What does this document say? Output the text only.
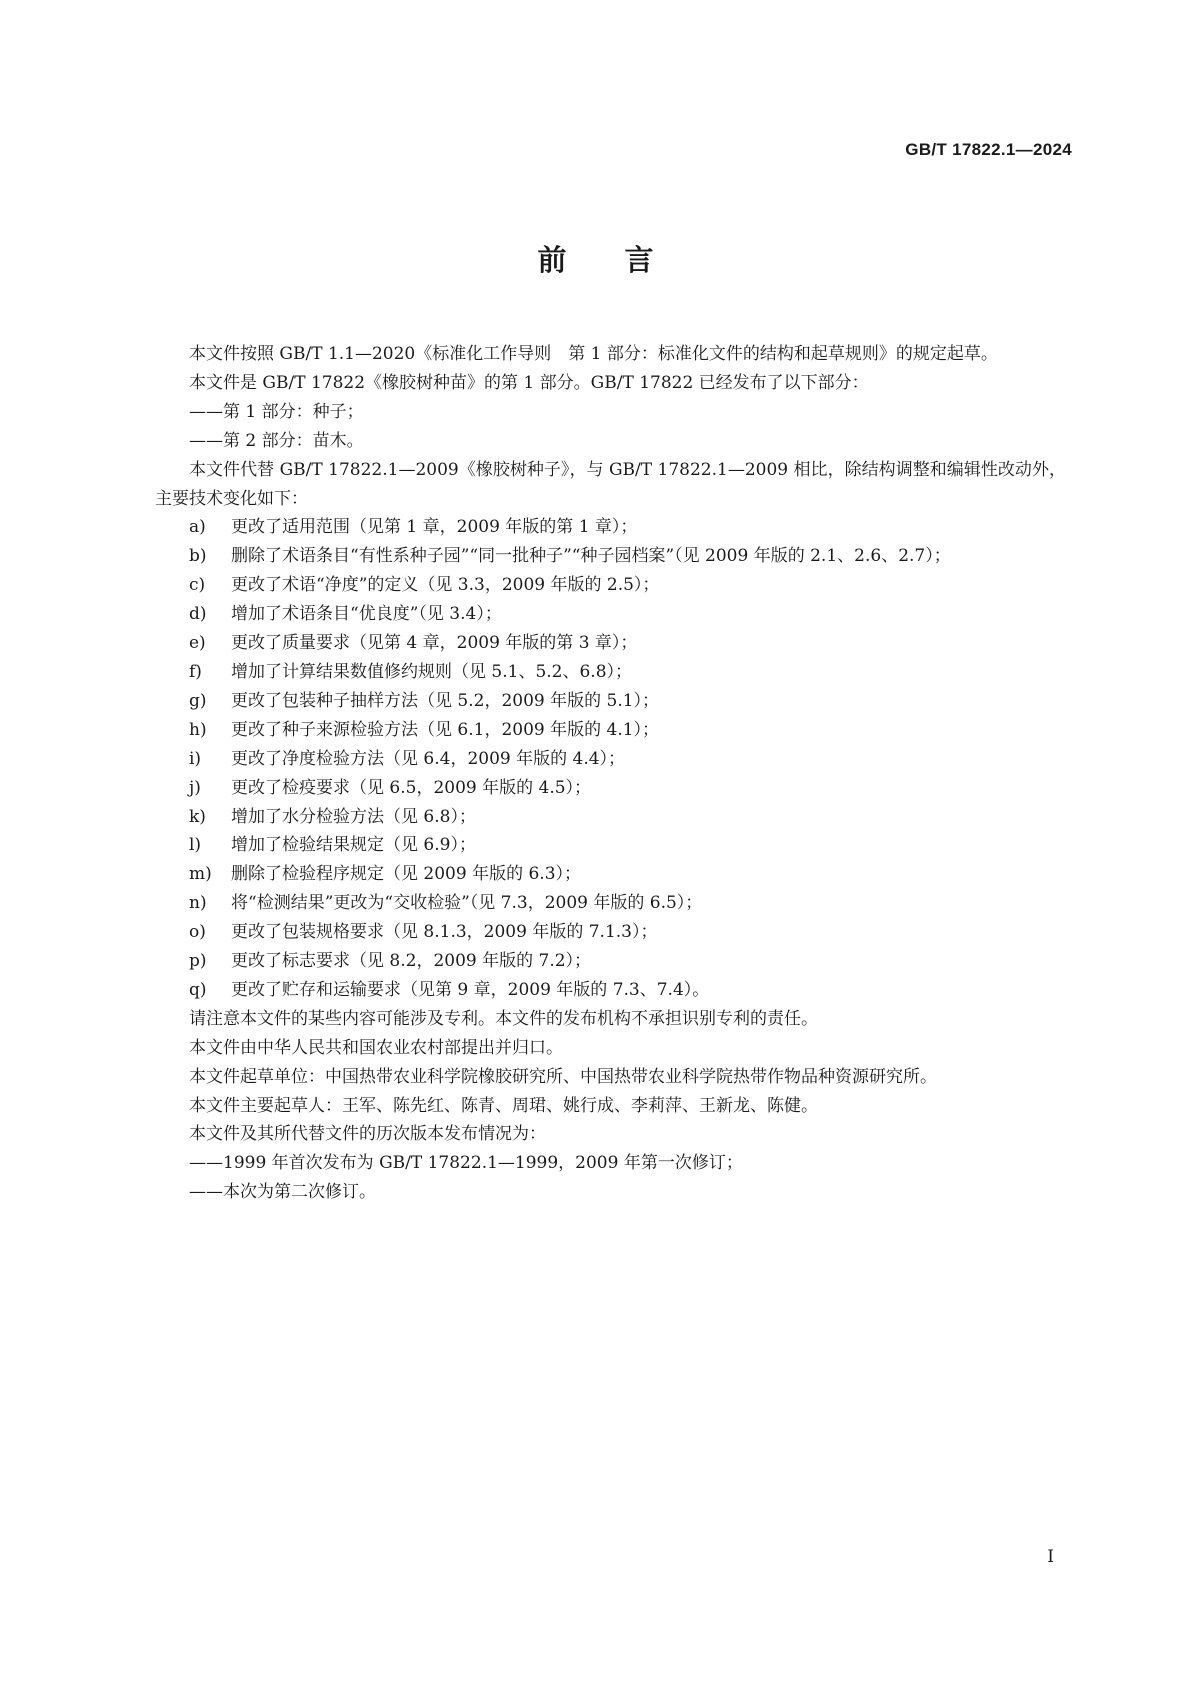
GB/T 17822.1—2024
前言

本文件按照 GB/T 1.1—2020《标准化工作导则　第 1 部分：标准化文件的结构和起草规则》的规定起草。

本文件是 GB/T 17822《橡胶树种苗》的第 1 部分。GB/T 17822 已经发布了以下部分：

——第 1 部分：种子；

——第 2 部分：苗木。

本文件代替 GB/T 17822.1—2009《橡胶树种子》，与 GB/T 17822.1—2009 相比，除结构调整和编辑性改动外，主要技术变化如下：

a) 更改了适用范围（见第 1 章，2009 年版的第 1 章）；
b) 删除了术语条目“有性系种子园”“同一批种子”“种子园档案”（见 2009 年版的 2.1、2.6、2.7）；
c) 更改了术语“净度”的定义（见 3.3，2009 年版的 2.5）；
d) 增加了术语条目“优良度”（见 3.4）；
e) 更改了质量要求（见第 4 章，2009 年版的第 3 章）；
f) 增加了计算结果数值修约规则（见 5.1、5.2、6.8）；
g) 更改了包装种子抽样方法（见 5.2，2009 年版的 5.1）；
h) 更改了种子来源检验方法（见 6.1，2009 年版的 4.1）；
i) 更改了净度检验方法（见 6.4，2009 年版的 4.4）；
j) 更改了检疫要求（见 6.5，2009 年版的 4.5）；
k) 增加了水分检验方法（见 6.8）；
l) 增加了检验结果规定（见 6.9）；
m) 删除了检验程序规定（见 2009 年版的 6.3）；
n) 将“检测结果”更改为“交收检验”（见 7.3，2009 年版的 6.5）；
o) 更改了包装规格要求（见 8.1.3，2009 年版的 7.1.3）；
p) 更改了标志要求（见 8.2，2009 年版的 7.2）；
q) 更改了贮存和运输要求（见第 9 章，2009 年版的 7.3、7.4）。

请注意本文件的某些内容可能涉及专利。本文件的发布机构不承担识别专利的责任。

本文件由中华人民共和国农业农村部提出并归口。

本文件起草单位：中国热带农业科学院橡胶研究所、中国热带农业科学院热带作物品种资源研究所。

本文件主要起草人：王军、陈先红、陈青、周珺、姚行成、李莉萍、王新龙、陈健。

本文件及其所代替文件的历次版本发布情况为：

——1999 年首次发布为 GB/T 17822.1—1999，2009 年第一次修订；

——本次为第二次修订。

I
